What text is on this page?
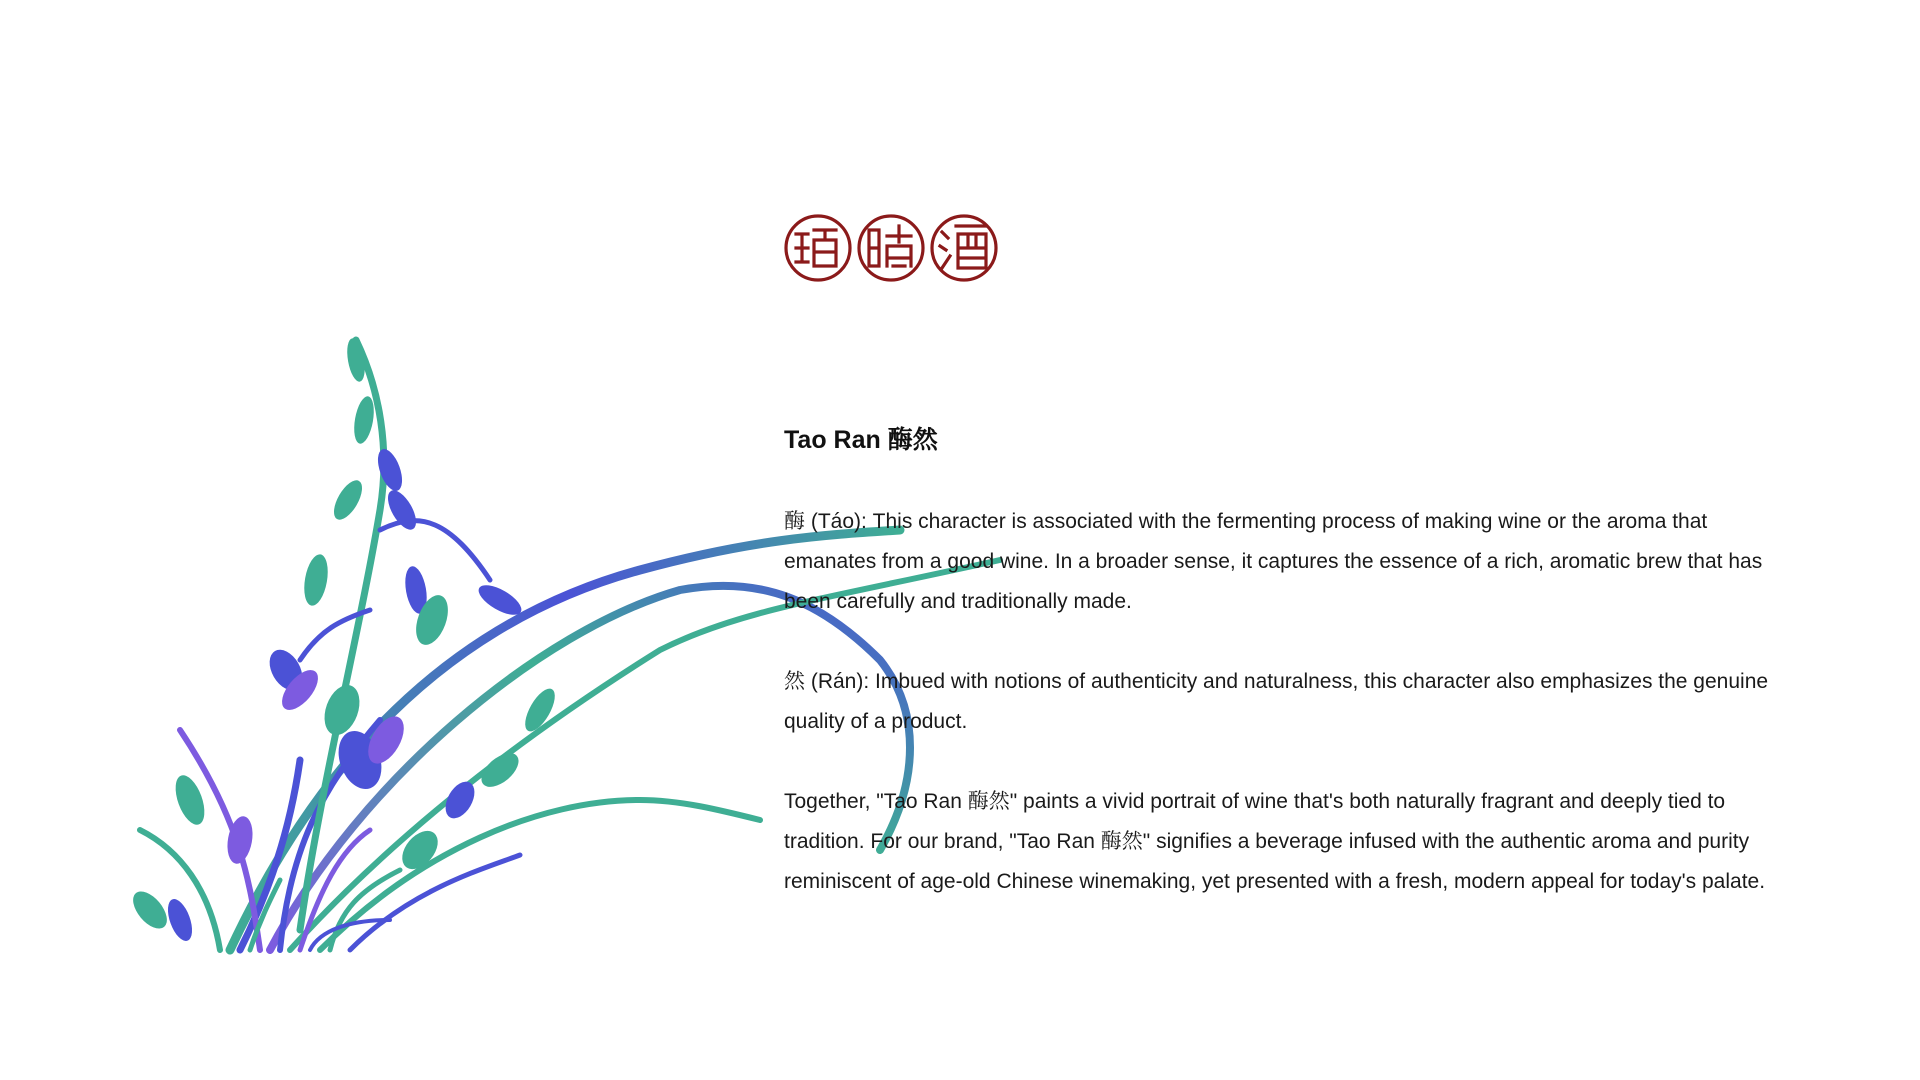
Tao Ran 酶然

酶 (Táo): This character is associated with the fermenting process of making wine or the aroma that emanates from a good wine. In a broader sense, it captures the essence of a rich, aromatic brew that has been carefully and traditionally made.

然 (Rán): Imbued with notions of authenticity and naturalness, this character also emphasizes the genuine quality of a product.

Together, "Tao Ran 酶然" paints a vivid portrait of wine that's both naturally fragrant and deeply tied to tradition. For our brand, "Tao Ran 酶然" signifies a beverage infused with the authentic aroma and purity reminiscent of age-old Chinese winemaking, yet presented with a fresh, modern appeal for today's palate.
